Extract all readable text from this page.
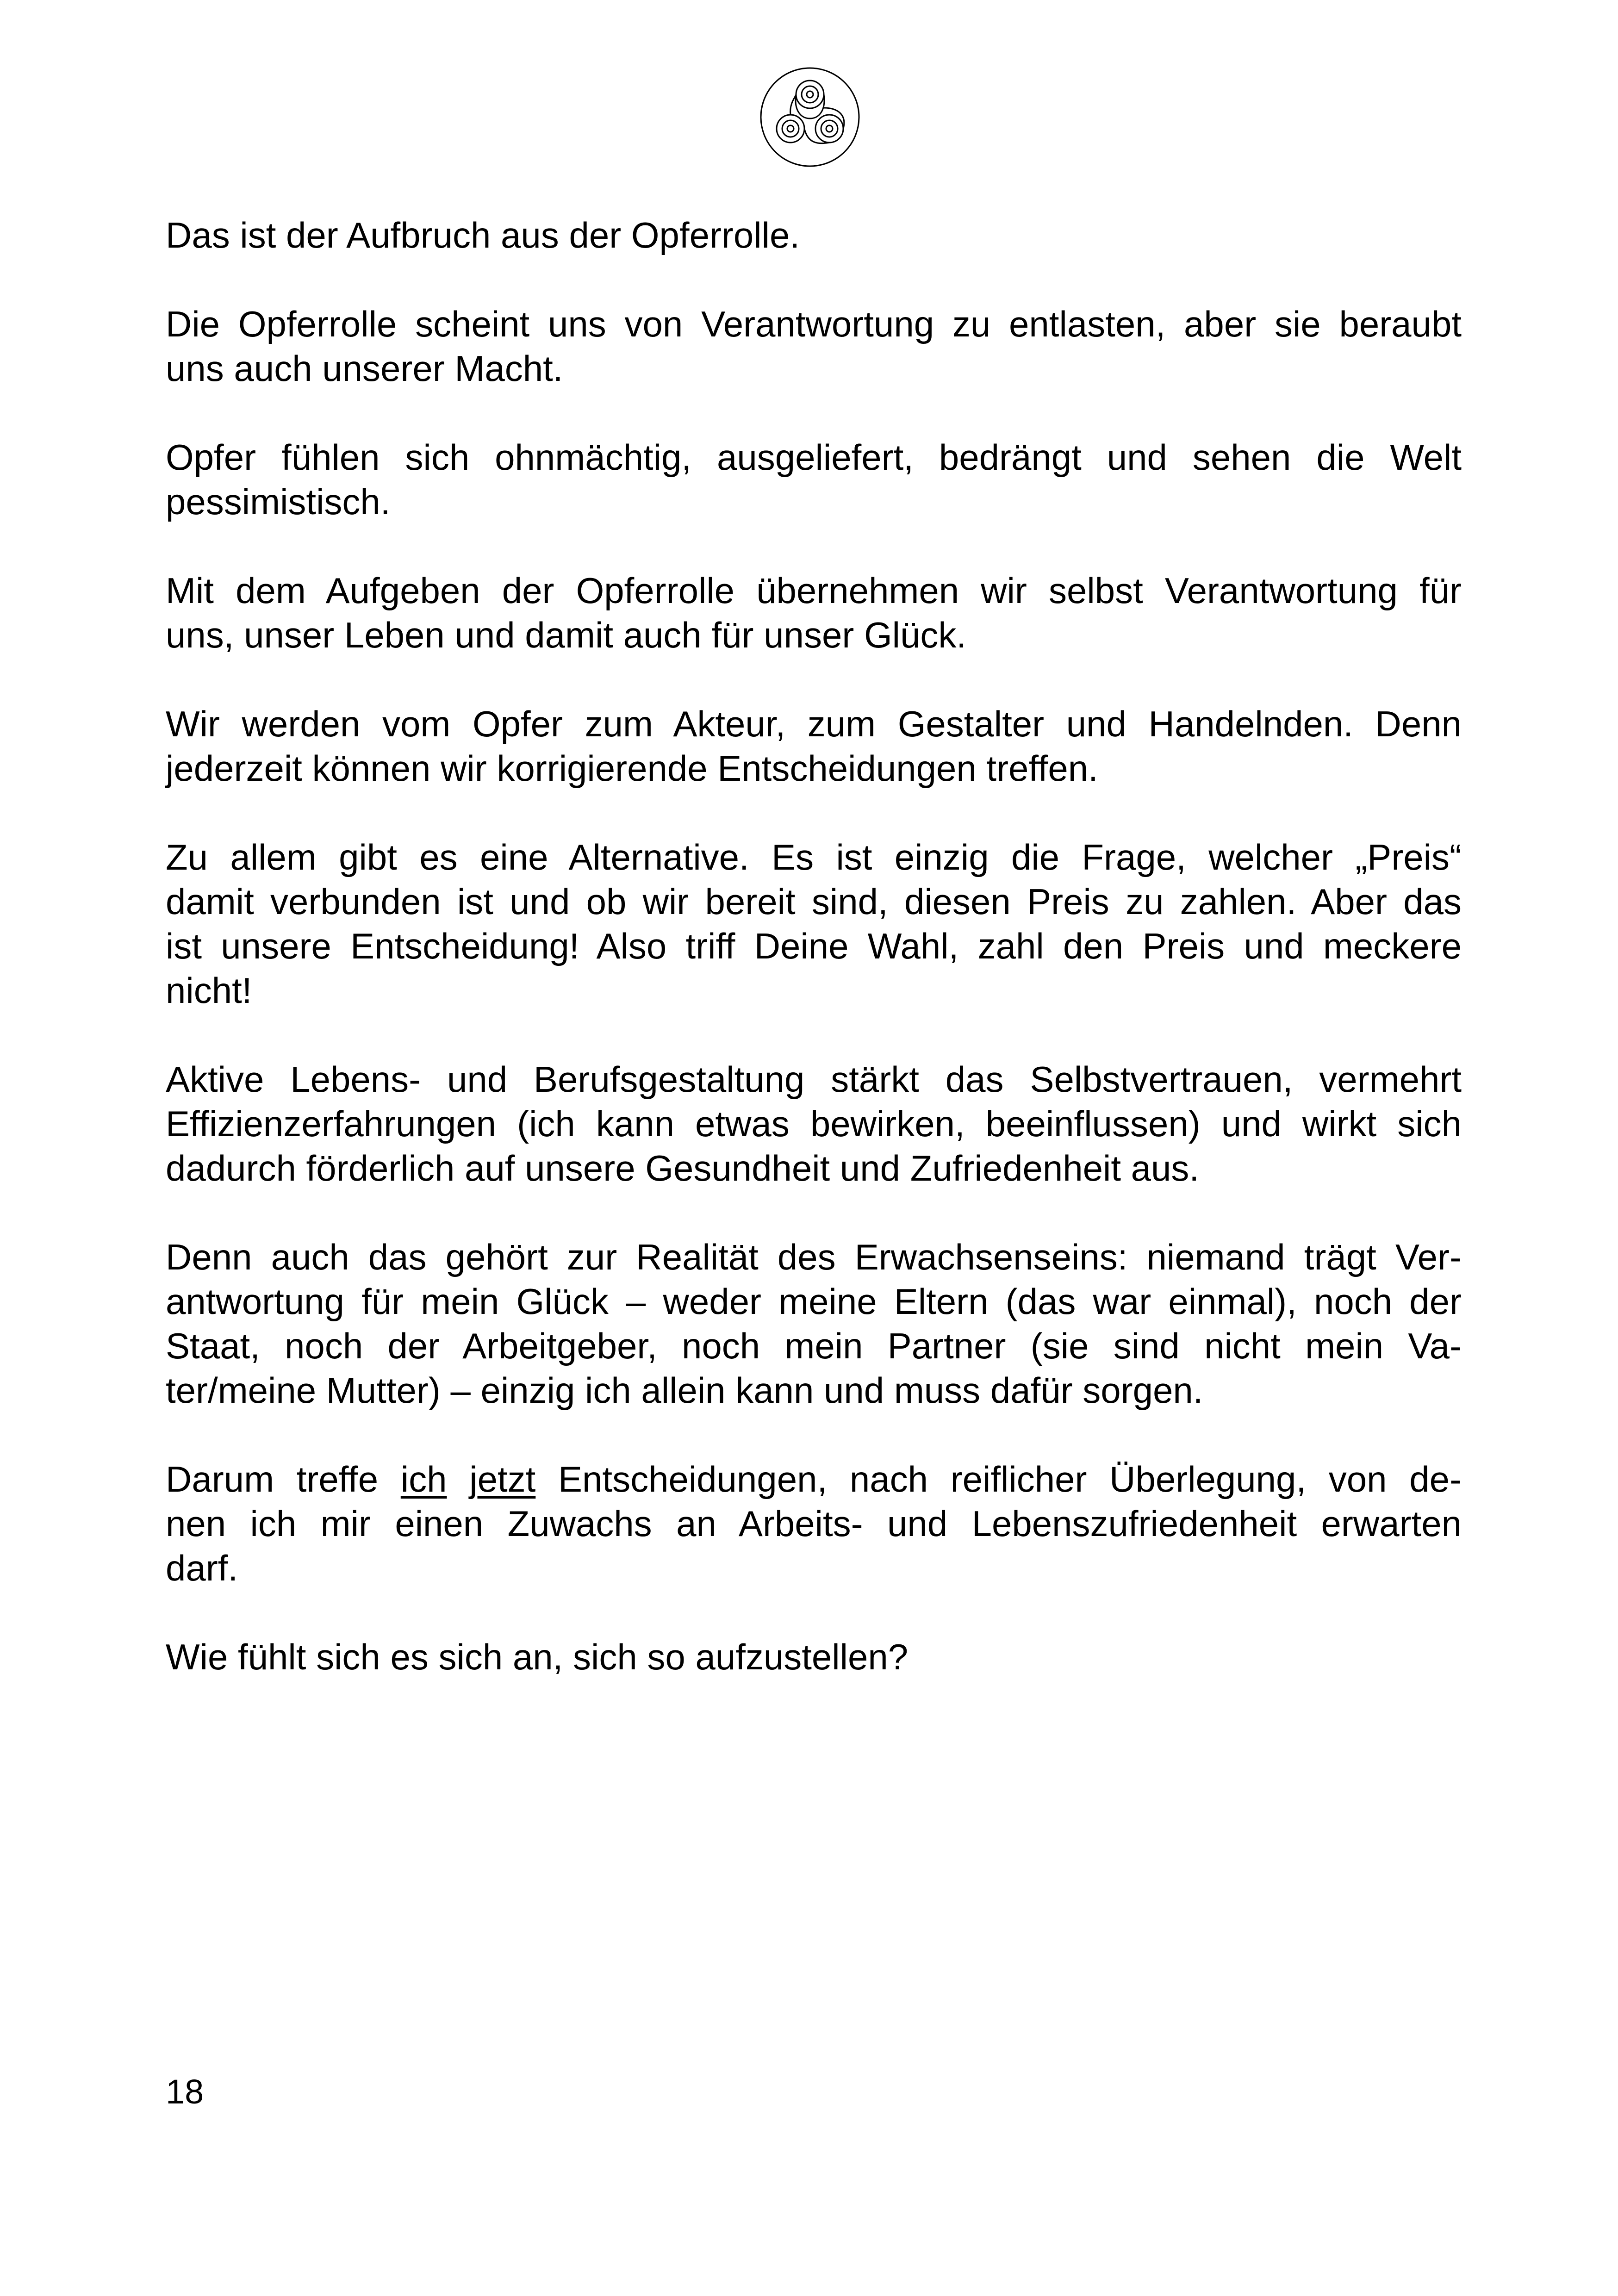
Das ist der Aufbruch aus der Opferrolle.

Die Opferrolle scheint uns von Verantwortung zu entlasten, aber sie beraubt
uns auch unserer Macht.

Opfer fühlen sich ohnmächtig, ausgeliefert, bedrängt und sehen die Welt
pessimistisch.

Mit dem Aufgeben der Opferrolle übernehmen wir selbst Verantwortung für
uns, unser Leben und damit auch für unser Glück.

Wir werden vom Opfer zum Akteur, zum Gestalter und Handelnden. Denn
jederzeit können wir korrigierende Entscheidungen treffen.

Zu allem gibt es eine Alternative. Es ist einzig die Frage, welcher „Preis“
damit verbunden ist und ob wir bereit sind, diesen Preis zu zahlen. Aber das
ist unsere Entscheidung! Also triff Deine Wahl, zahl den Preis und meckere
nicht!

Aktive Lebens- und Berufsgestaltung stärkt das Selbstvertrauen, vermehrt
Effizienzerfahrungen (ich kann etwas bewirken, beeinflussen) und wirkt sich
dadurch förderlich auf unsere Gesundheit und Zufriedenheit aus.

Denn auch das gehört zur Realität des Erwachsenseins: niemand trägt Ver-
antwortung für mein Glück – weder meine Eltern (das war einmal), noch der
Staat, noch der Arbeitgeber, noch mein Partner (sie sind nicht mein Va-
ter/meine Mutter) – einzig ich allein kann und muss dafür sorgen.

Darum treffe ich jetzt Entscheidungen, nach reiflicher Überlegung, von de-
nen ich mir einen Zuwachs an Arbeits- und Lebenszufriedenheit erwarten
darf.

Wie fühlt sich es sich an, sich so aufzustellen?

18
